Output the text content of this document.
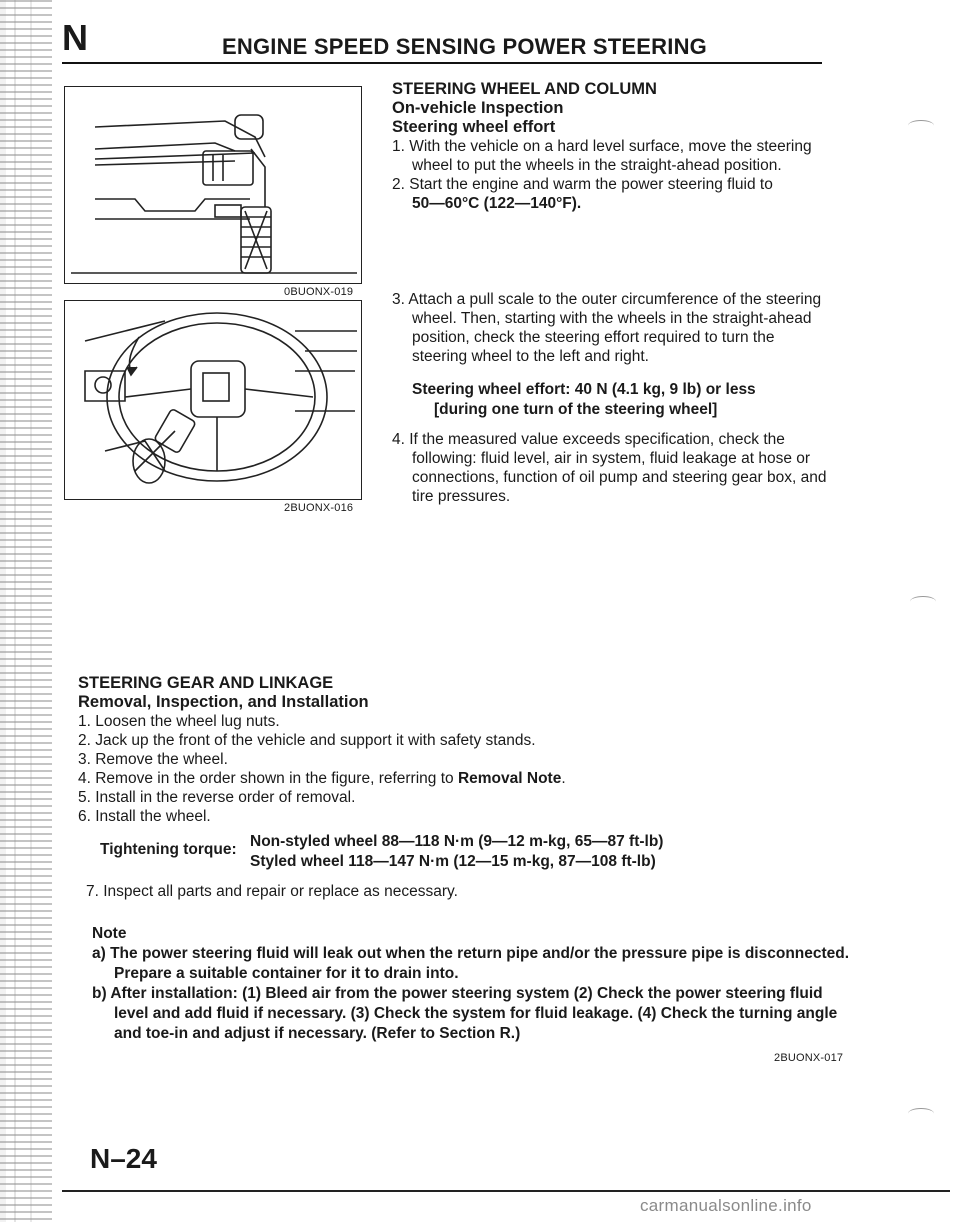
N	ENGINE SPEED SENSING POWER STEERING
0BUONX-019
2BUONX-016
STEERING WHEEL AND COLUMN
On-vehicle Inspection
Steering wheel effort
1. With the vehicle on a hard level surface, move the steering wheel to put the wheels in the straight-ahead position.
2. Start the engine and warm the power steering fluid to
50—60°C (122—140°F).
3. Attach a pull scale to the outer circumference of the steering wheel. Then, starting with the wheels in the straight-ahead position, check the steering effort required to turn the steering wheel to the left and right.
Steering wheel effort: 40 N (4.1 kg, 9 lb) or less
[during one turn of the steering wheel]
4. If the measured value exceeds specification, check the following: fluid level, air in system, fluid leakage at hose or connections, function of oil pump and steering gear box, and tire pressures.
STEERING GEAR AND LINKAGE
Removal, Inspection, and Installation
1. Loosen the wheel lug nuts.
2. Jack up the front of the vehicle and support it with safety stands.
3. Remove the wheel.
4. Remove in the order shown in the figure, referring to Removal Note.
5. Install in the reverse order of removal.
6. Install the wheel.
Tightening torque: Non-styled wheel 88—118 N·m (9—12 m-kg, 65—87 ft-lb)
Styled wheel 118—147 N·m (12—15 m-kg, 87—108 ft-lb)
7. Inspect all parts and repair or replace as necessary.
Note
a) The power steering fluid will leak out when the return pipe and/or the pressure pipe is disconnected. Prepare a suitable container for it to drain into.
b) After installation: (1) Bleed air from the power steering system (2) Check the power steering fluid level and add fluid if necessary. (3) Check the system for fluid leakage. (4) Check the turning angle and toe-in and adjust if necessary. (Refer to Section R.)
2BUONX-017
N–24
carmanualsonline.info
